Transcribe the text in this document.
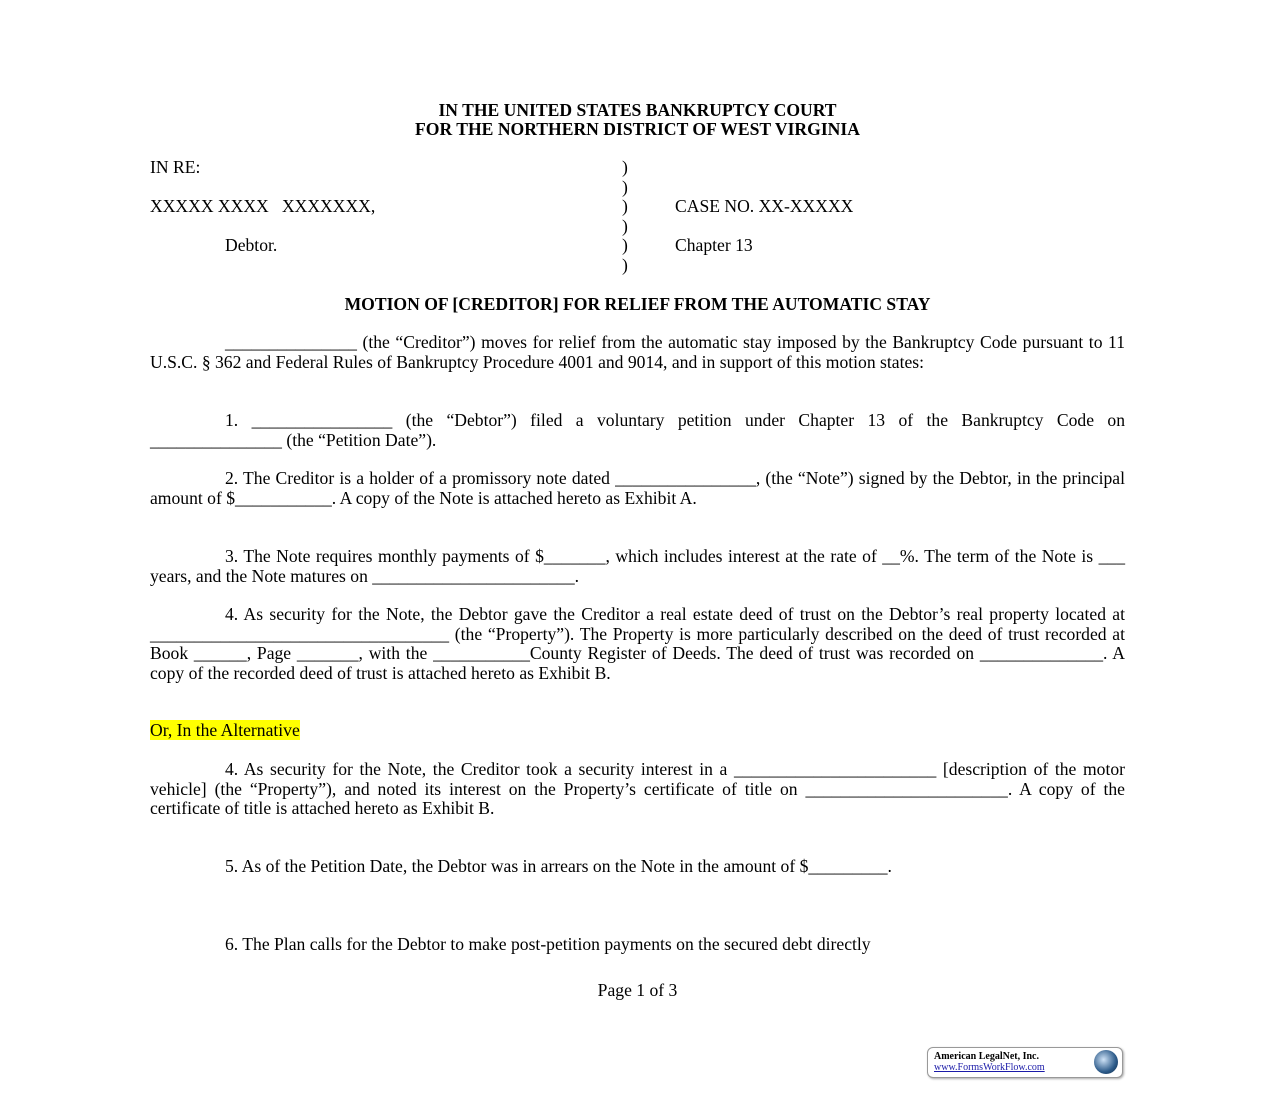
IN THE UNITED STATES BANKRUPTCY COURT
FOR THE NORTHERN DISTRICT OF WEST VIRGINIA
IN RE:
XXXXX XXXX   XXXXXXX,
Debtor.
)
)
)
)
)
)
CASE NO. XX-XXXXX
Chapter 13
MOTION OF [CREDITOR] FOR RELIEF FROM THE AUTOMATIC STAY
_______________ (the “Creditor”) moves for relief from the automatic stay imposed by the Bankruptcy Code pursuant to 11 U.S.C. § 362 and Federal Rules of Bankruptcy Procedure 4001 and 9014, and in support of this motion states:
1. ________________ (the “Debtor”) filed a voluntary petition under Chapter 13 of the Bankruptcy Code on _______________ (the “Petition Date”).
2. The Creditor is a holder of a promissory note dated ________________, (the “Note”) signed by the Debtor, in the principal amount of $___________. A copy of the Note is attached hereto as Exhibit A.
3. The Note requires monthly payments of $_______, which includes interest at the rate of __%. The term of the Note is ___ years, and the Note matures on _______________________.
4. As security for the Note, the Debtor gave the Creditor a real estate deed of trust on the Debtor’s real property located at __________________________________ (the “Property”). The Property is more particularly described on the deed of trust recorded at Book ______, Page _______, with the ___________County Register of Deeds. The deed of trust was recorded on ______________. A copy of the recorded deed of trust is attached hereto as Exhibit B.
Or, In the Alternative
4. As security for the Note, the Creditor took a security interest in a _______________________ [description of the motor vehicle] (the “Property”), and noted its interest on the Property’s certificate of title on _______________________. A copy of the certificate of title is attached hereto as Exhibit B.
5. As of the Petition Date, the Debtor was in arrears on the Note in the amount of $_________.
6. The Plan calls for the Debtor to make post-petition payments on the secured debt directly
Page 1 of 3
American LegalNet, Inc.
www.FormsWorkFlow.com
